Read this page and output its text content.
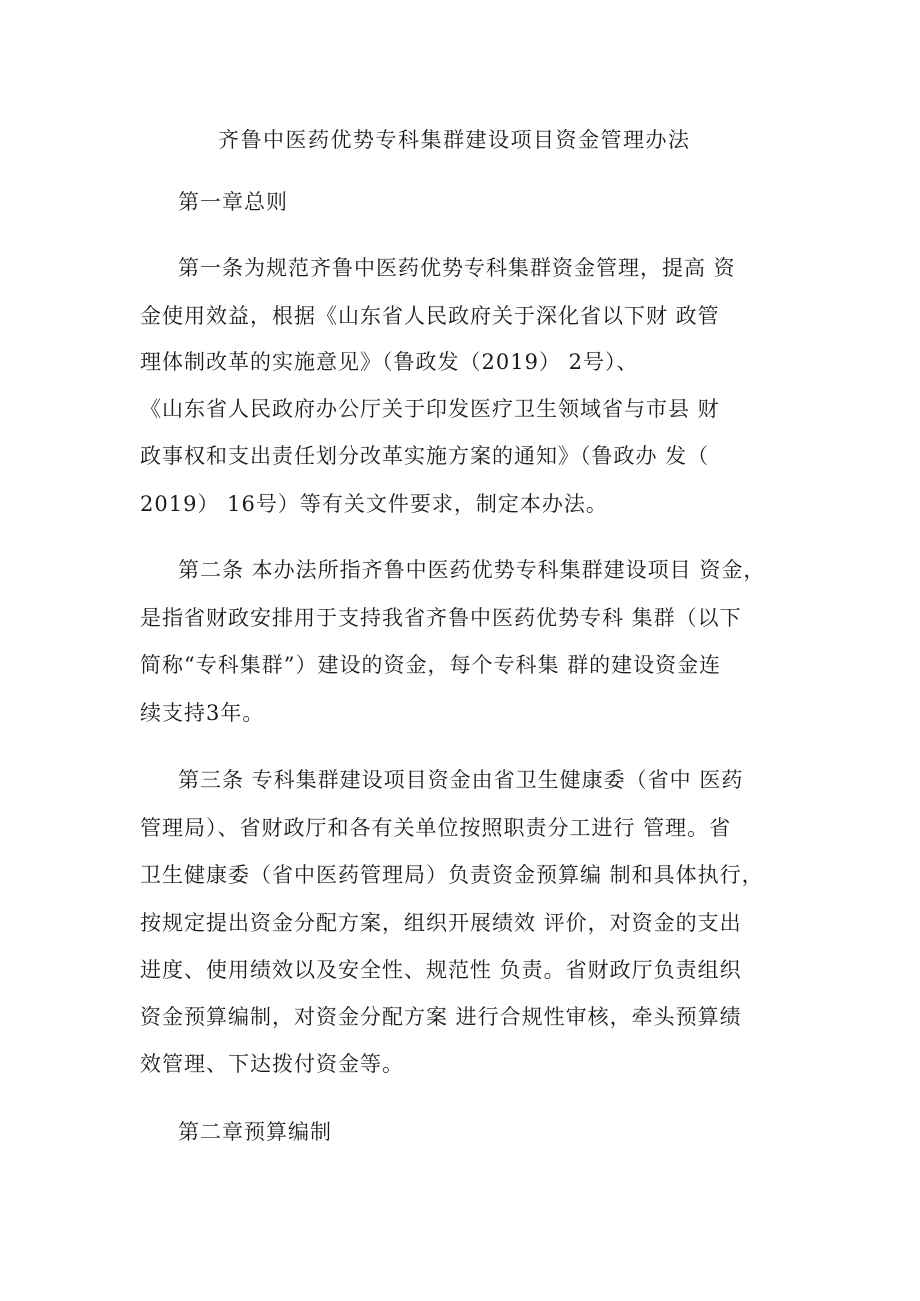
齐鲁中医药优势专科集群建设项目资金管理办法
第一章总则
第一条为规范齐鲁中医药优势专科集群资金管理，提高 资
金使用效益，根据《山东省人民政府关于深化省以下财 政管
理体制改革的实施意见》（鲁政发（2019） 2号）、
《山东省人民政府办公厅关于印发医疗卫生领域省与市县 财
政事权和支出责任划分改革实施方案的通知》（鲁政办 发（
2019） 16号）等有关文件要求，制定本办法。
第二条 本办法所指齐鲁中医药优势专科集群建设项目 资金，
是指省财政安排用于支持我省齐鲁中医药优势专科 集群（以下
简称“专科集群”）建设的资金，每个专科集 群的建设资金连
续支持3年。
第三条 专科集群建设项目资金由省卫生健康委（省中 医药
管理局）、省财政厅和各有关单位按照职责分工进行 管理。省
卫生健康委（省中医药管理局）负责资金预算编 制和具体执行，
按规定提出资金分配方案，组织开展绩效 评价，对资金的支出
进度、使用绩效以及安全性、规范性 负责。省财政厅负责组织
资金预算编制，对资金分配方案 进行合规性审核，牵头预算绩
效管理、下达拨付资金等。
第二章预算编制
